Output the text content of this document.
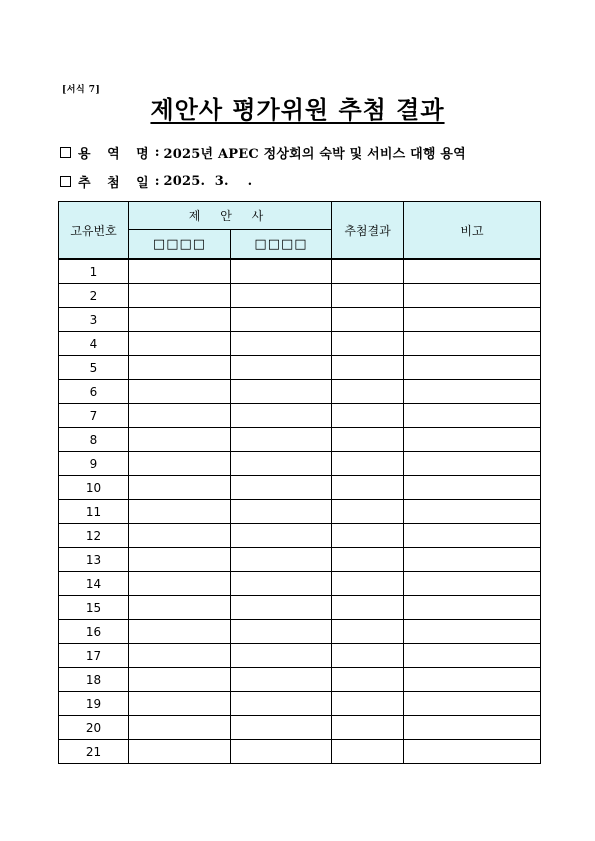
[서식 7]
제안사 평가위원 추첨 결과
용 역 명 : 2025년 APEC 정상회의 숙박 및 서비스 대행 용역
추 첨 일 : 2025.  3.    .
고유번호	제 안 사		추첨결과	비고
	□□□□	□□□□		
1				
2				
3				
4				
5				
6				
7				
8				
9				
10				
11				
12				
13				
14				
15				
16				
17				
18				
19				
20				
21				
